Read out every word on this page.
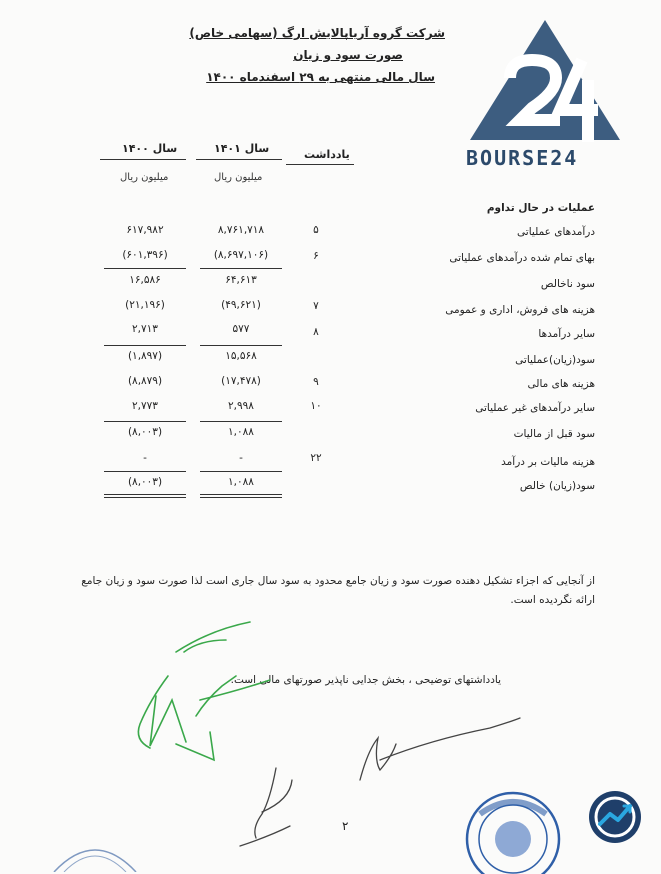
شرکت گروه آریاپالایش ارگ (سهامی خاص)
صورت سود و زیان
سال مالی منتهی به ۲۹ اسفندماه ۱۴۰۰
BOURSE24
یادداشت
سال ۱۴۰۱
سال ۱۴۰۰
میلیون ریال
میلیون ریال
عملیات در حال تداوم
درآمدهای عملیاتی
بهای تمام شده درآمدهای عملیاتی
سود ناخالص
هزینه های فروش، اداری و عمومی
سایر درآمدها
سود(زیان)عملیاتی
هزینه های مالی
سایر درآمدهای غیر عملیاتی
سود قبل از مالیات
هزینه مالیات بر درآمد
سود(زیان) خالص
۵
۶
۷
۸
۹
۱۰
۲۲
۸,۷۶۱,۷۱۸
(۸,۶۹۷,۱۰۶)
۶۴,۶۱۳
(۴۹,۶۲۱)
۵۷۷
۱۵,۵۶۸
(۱۷,۴۷۸)
۲,۹۹۸
۱,۰۸۸
-
۱,۰۸۸
۶۱۷,۹۸۲
(۶۰۱,۳۹۶)
۱۶,۵۸۶
(۲۱,۱۹۶)
۲,۷۱۳
(۱,۸۹۷)
(۸,۸۷۹)
۲,۷۷۳
(۸,۰۰۳)
-
(۸,۰۰۳)
از آنجایی که اجزاء تشکیل دهنده صورت سود و زیان جامع محدود به سود سال جاری است لذا صورت سود و زیان جامع ارائه نگردیده است.
یادداشتهای توضیحی ، بخش جدایی ناپذیر صورتهای مالی است.
۲
